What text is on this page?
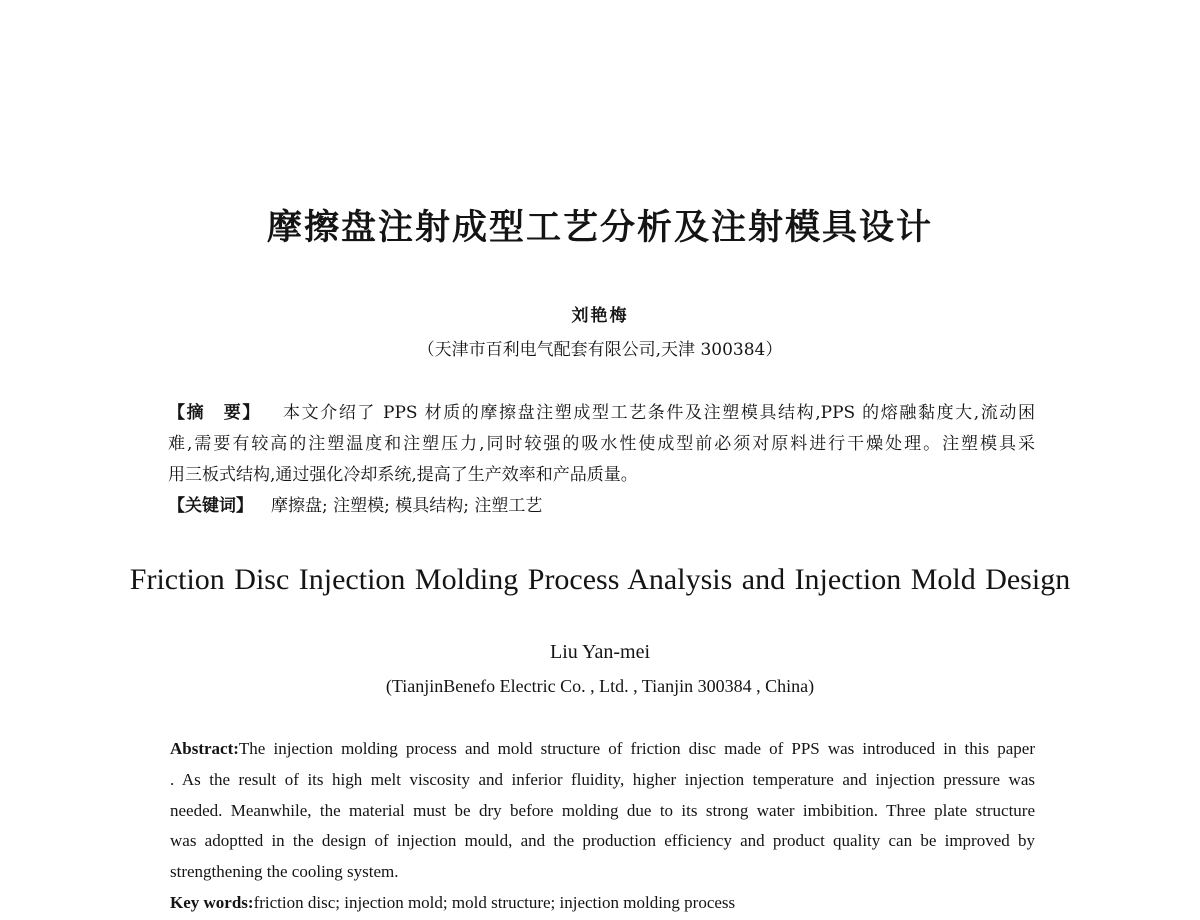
摩擦盘注射成型工艺分析及注射模具设计
刘艳梅
（天津市百利电气配套有限公司,天津 300384）
【摘　要】 本文介绍了 PPS 材质的摩擦盘注塑成型工艺条件及注塑模具结构,PPS 的熔融黏度大,流动困
难,需要有较高的注塑温度和注塑压力,同时较强的吸水性使成型前必须对原料进行干燥处理。注塑模具采
用三板式结构,通过强化冷却系统,提高了生产效率和产品质量。
【关键词】 摩擦盘; 注塑模; 模具结构; 注塑工艺
Friction Disc Injection Molding Process Analysis and Injection Mold Design
Liu Yan-mei
(TianjinBenefo Electric Co. , Ltd. , Tianjin 300384 , China)
Abstract:The injection molding process and mold structure of friction disc made of PPS was introduced in this paper
. As the result of its high melt viscosity and inferior fluidity, higher injection temperature and injection pressure was
needed. Meanwhile, the material must be dry before molding due to its strong water imbibition. Three plate structure
was adoptted in the design of injection mould, and the production efficiency and product quality can be improved by
strengthening the cooling system.
Key words:friction disc; injection mold; mold structure; injection molding process
